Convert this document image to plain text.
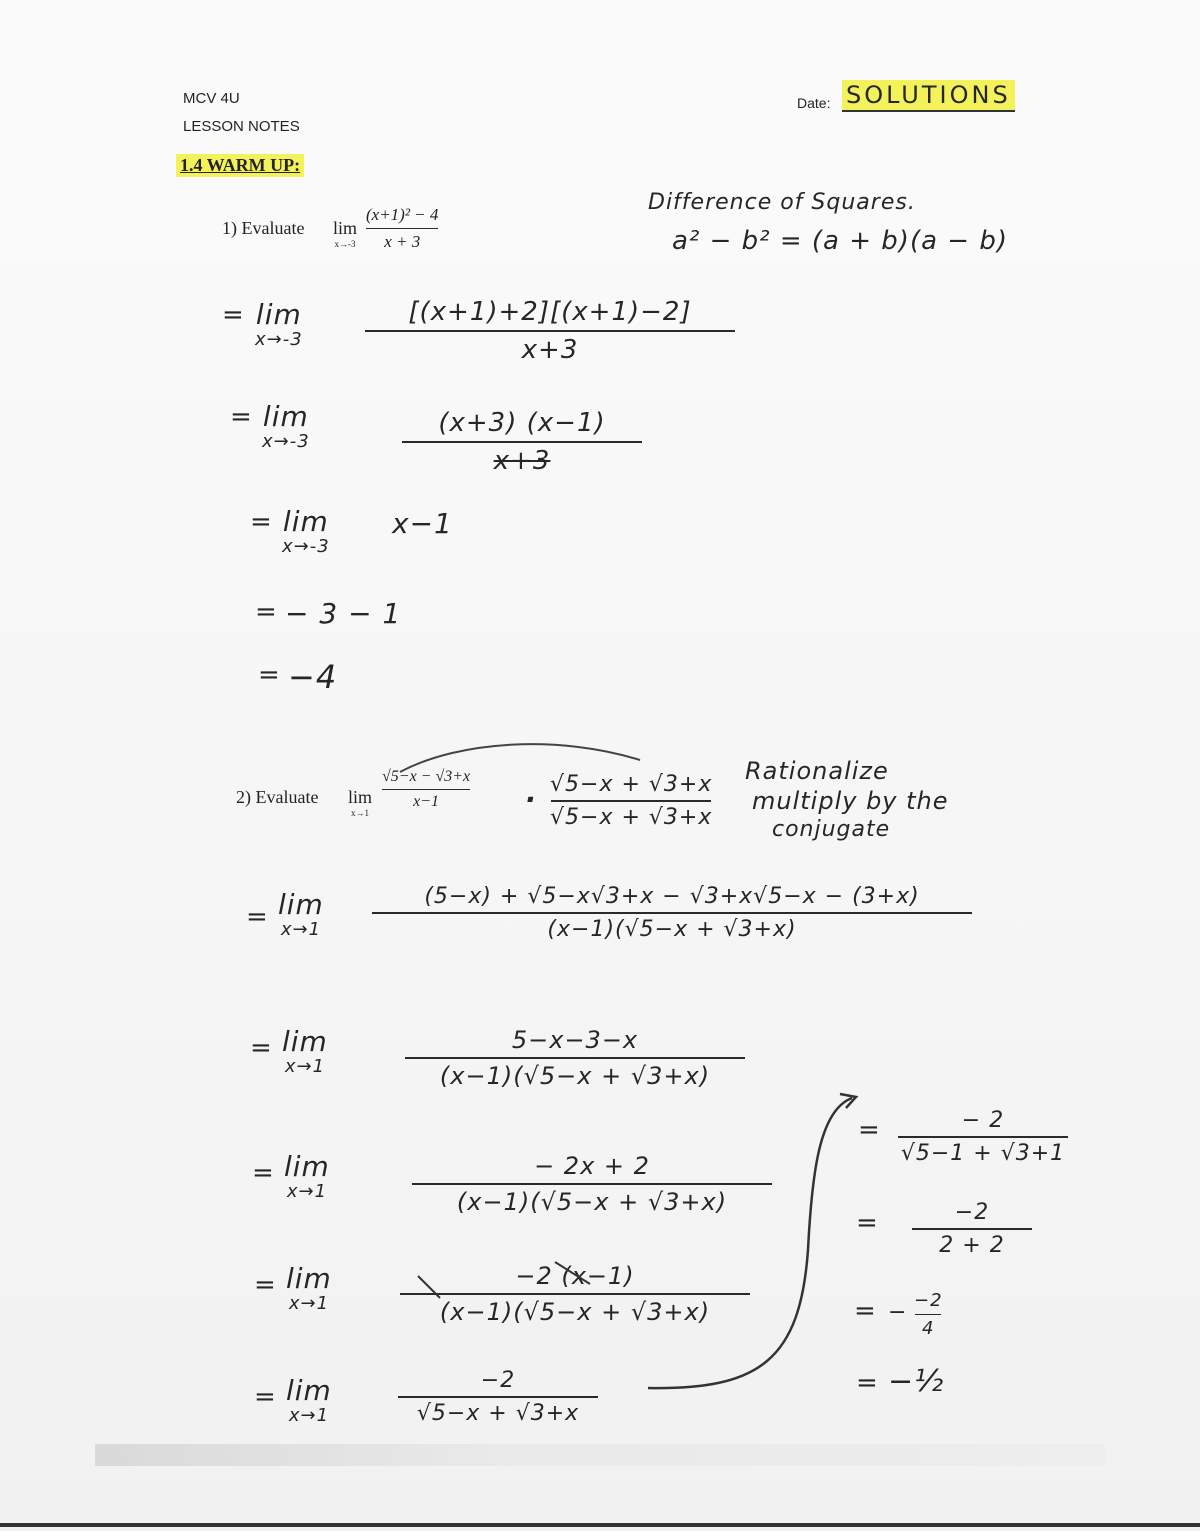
MCV 4U
LESSON NOTES
Date: SOLUTIONS
1.4 WARM UP:
1) Evaluate lim
x→-3
(x+1)² − 4
x + 3
Difference of Squares.
a² − b² = (a + b)(a − b)
= lim
x→-3
[(x+1)+2][(x+1)−2]
x+3
= lim
x→-3
(x+3) (x−1)
x+3
= lim
x→-3
x−1
= − 3 − 1
= −4
2) Evaluate lim
x→1
√5−x − √3+x
x−1	· √5−x + √3+x
√5−x + √3+x
Rationalize
multiply by the
conjugate
= lim
x→1
(5−x) + √5−x√3+x − √3+x√5−x − (3+x)
(x−1)(√5−x + √3+x)
= lim
x→1
5−x−3−x
(x−1)(√5−x + √3+x)
= lim
x→1
− 2x + 2
(x−1)(√5−x + √3+x)
= lim
x→1
−2 (x−1)
(x−1)(√5−x + √3+x)
= lim
x→1
−2
√5−x + √3+x
=	− 2
√5−1 + √3+1
=	−2
2 + 2
= − −2
4
= −½
